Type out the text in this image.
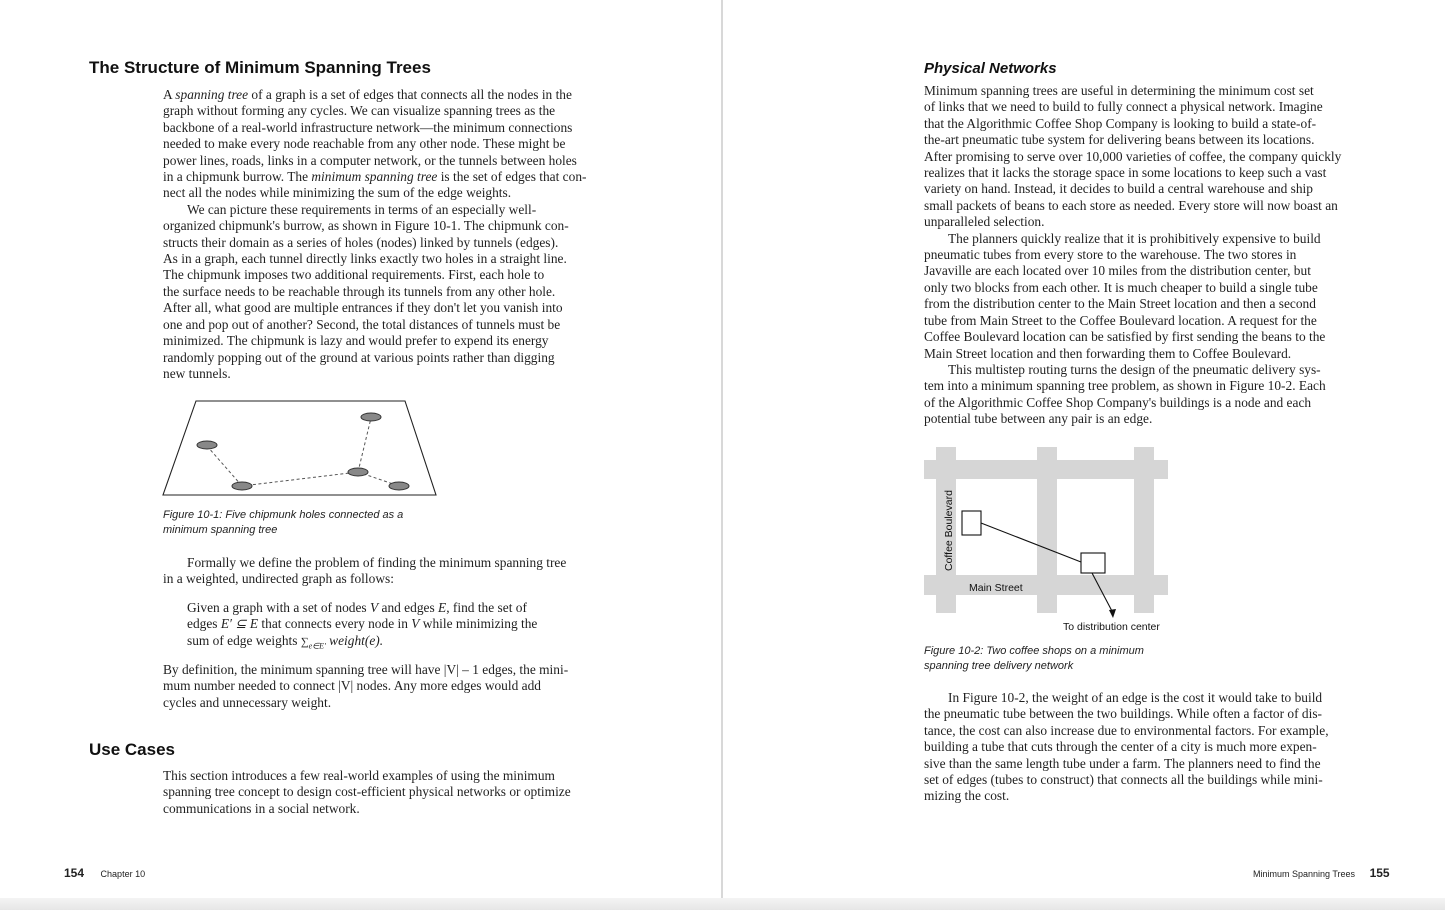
The Structure of Minimum Spanning Trees

A spanning tree of a graph is a set of edges that connects all the nodes in the

graph without forming any cycles. We can visualize spanning trees as the

backbone of a real-world infrastructure network—the minimum connections

needed to make every node reachable from any other node. These might be

power lines, roads, links in a computer network, or the tunnels between holes

in a chipmunk burrow. The minimum spanning tree is the set of edges that con-

nect all the nodes while minimizing the sum of the edge weights.

We can picture these requirements in terms of an especially well-

organized chipmunk's burrow, as shown in Figure 10-1. The chipmunk con-

structs their domain as a series of holes (nodes) linked by tunnels (edges).

As in a graph, each tunnel directly links exactly two holes in a straight line.

The chipmunk imposes two additional requirements. First, each hole to

the surface needs to be reachable through its tunnels from any other hole.

After all, what good are multiple entrances if they don't let you vanish into

one and pop out of another? Second, the total distances of tunnels must be

minimized. The chipmunk is lazy and would prefer to expend its energy

randomly popping out of the ground at various points rather than digging

new tunnels.

Figure 10-1: Five chipmunk holes connected as a
minimum spanning tree

Formally we define the problem of finding the minimum spanning tree

in a weighted, undirected graph as follows:

Given a graph with a set of nodes V and edges E, find the set of

edges E′ ⊆ E that connects every node in V while minimizing the

sum of edge weights $\sum_{e\in E'}$ weight(e).

By definition, the minimum spanning tree will have |V| – 1 edges, the mini-

mum number needed to connect |V| nodes. Any more edges would add

cycles and unnecessary weight.

Use Cases

This section introduces a few real-world examples of using the minimum

spanning tree concept to design cost-efficient physical networks or optimize

communications in a social network.

154 Chapter 10
Physical Networks

Minimum spanning trees are useful in determining the minimum cost set

of links that we need to build to fully connect a physical network. Imagine

that the Algorithmic Coffee Shop Company is looking to build a state-of-

the-art pneumatic tube system for delivering beans between its locations.

After promising to serve over 10,000 varieties of coffee, the company quickly

realizes that it lacks the storage space in some locations to keep such a vast

variety on hand. Instead, it decides to build a central warehouse and ship

small packets of beans to each store as needed. Every store will now boast an

unparalleled selection.

The planners quickly realize that it is prohibitively expensive to build

pneumatic tubes from every store to the warehouse. The two stores in

Javaville are each located over 10 miles from the distribution center, but

only two blocks from each other. It is much cheaper to build a single tube

from the distribution center to the Main Street location and then a second

tube from Main Street to the Coffee Boulevard location. A request for the

Coffee Boulevard location can be satisfied by first sending the beans to the

Main Street location and then forwarding them to Coffee Boulevard.

This multistep routing turns the design of the pneumatic delivery sys-

tem into a minimum spanning tree problem, as shown in Figure 10-2. Each

of the Algorithmic Coffee Shop Company's buildings is a node and each

potential tube between any pair is an edge.

Coffee Boulevard
Main Street
To distribution center
Figure 10-2: Two coffee shops on a minimum
spanning tree delivery network

In Figure 10-2, the weight of an edge is the cost it would take to build

the pneumatic tube between the two buildings. While often a factor of dis-

tance, the cost can also increase due to environmental factors. For example,

building a tube that cuts through the center of a city is much more expen-

sive than the same length tube under a farm. The planners need to find the

set of edges (tubes to construct) that connects all the buildings while mini-

mizing the cost.

Minimum Spanning Trees 155
